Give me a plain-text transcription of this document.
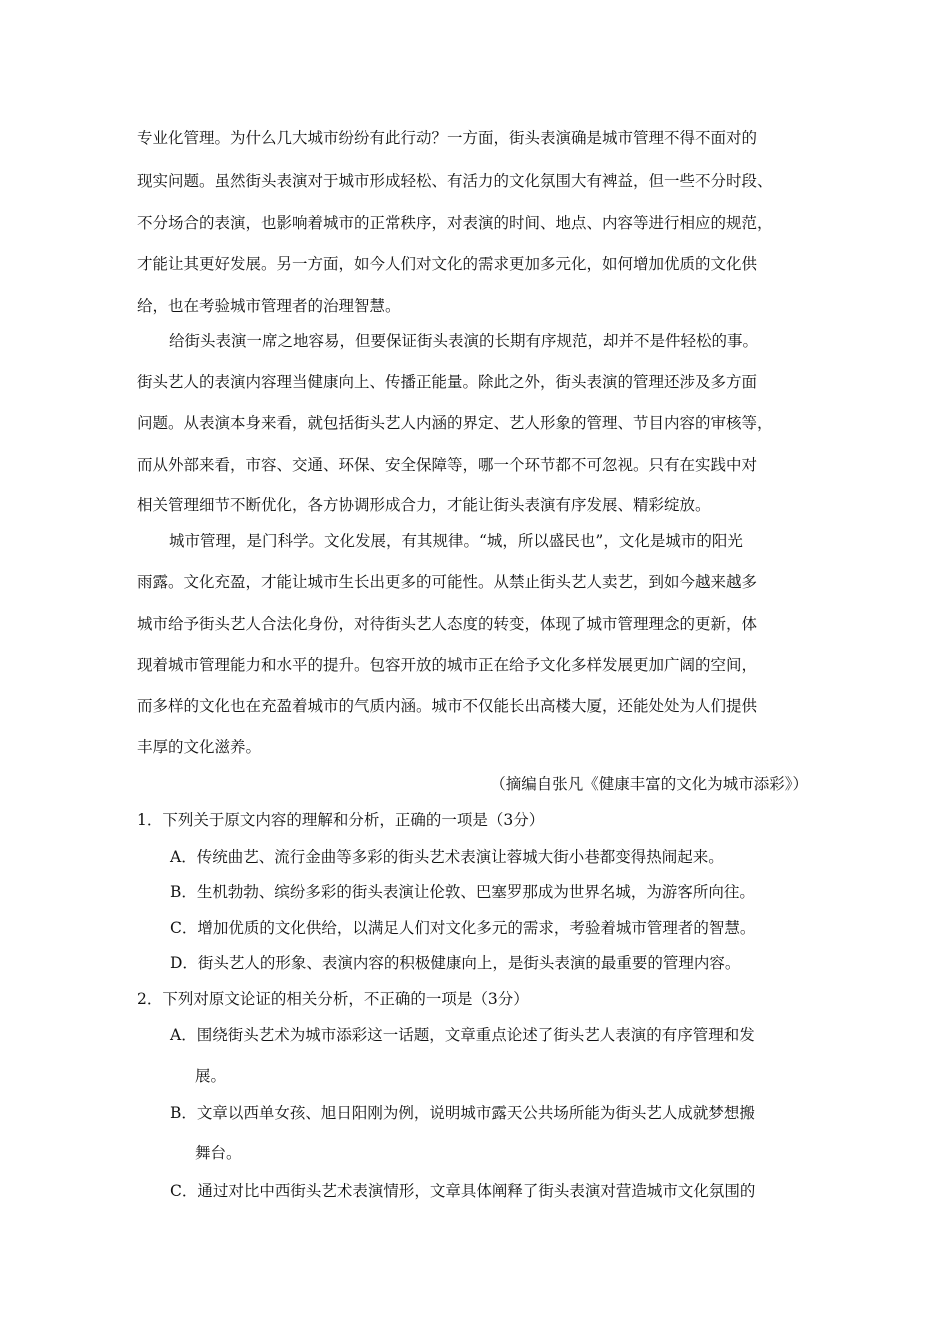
专业化管理。为什么几大城市纷纷有此行动？一方面，街头表演确是城市管理不得不面对的
现实问题。虽然街头表演对于城市形成轻松、有活力的文化氛围大有裨益，但一些不分时段、
不分场合的表演，也影响着城市的正常秩序，对表演的时间、地点、内容等进行相应的规范，
才能让其更好发展。另一方面，如今人们对文化的需求更加多元化，如何增加优质的文化供
给，也在考验城市管理者的治理智慧。
给街头表演一席之地容易，但要保证街头表演的长期有序规范，却并不是件轻松的事。
街头艺人的表演内容理当健康向上、传播正能量。除此之外，街头表演的管理还涉及多方面
问题。从表演本身来看，就包括街头艺人内涵的界定、艺人形象的管理、节目内容的审核等，
而从外部来看，市容、交通、环保、安全保障等，哪一个环节都不可忽视。只有在实践中对
相关管理细节不断优化，各方协调形成合力，才能让街头表演有序发展、精彩绽放。
城市管理，是门科学。文化发展，有其规律。“城，所以盛民也”，文化是城市的阳光
雨露。文化充盈，才能让城市生长出更多的可能性。从禁止街头艺人卖艺，到如今越来越多
城市给予街头艺人合法化身份，对待街头艺人态度的转变，体现了城市管理理念的更新，体
现着城市管理能力和水平的提升。包容开放的城市正在给予文化多样发展更加广阔的空间，
而多样的文化也在充盈着城市的气质内涵。城市不仅能长出高楼大厦，还能处处为人们提供
丰厚的文化滋养。
（摘编自张凡《健康丰富的文化为城市添彩》）
1．下列关于原文内容的理解和分析，正确的一项是（3分）
A．传统曲艺、流行金曲等多彩的街头艺术表演让蓉城大街小巷都变得热闹起来。
B．生机勃勃、缤纷多彩的街头表演让伦敦、巴塞罗那成为世界名城，为游客所向往。
C．增加优质的文化供给，以满足人们对文化多元的需求，考验着城市管理者的智慧。
D．街头艺人的形象、表演内容的积极健康向上，是街头表演的最重要的管理内容。
2．下列对原文论证的相关分析，不正确的一项是（3分）
A．围绕街头艺术为城市添彩这一话题，文章重点论述了街头艺人表演的有序管理和发
展。
B．文章以西单女孩、旭日阳刚为例，说明城市露天公共场所能为街头艺人成就梦想搬
舞台。
C．通过对比中西街头艺术表演情形，文章具体阐释了街头表演对营造城市文化氛围的
